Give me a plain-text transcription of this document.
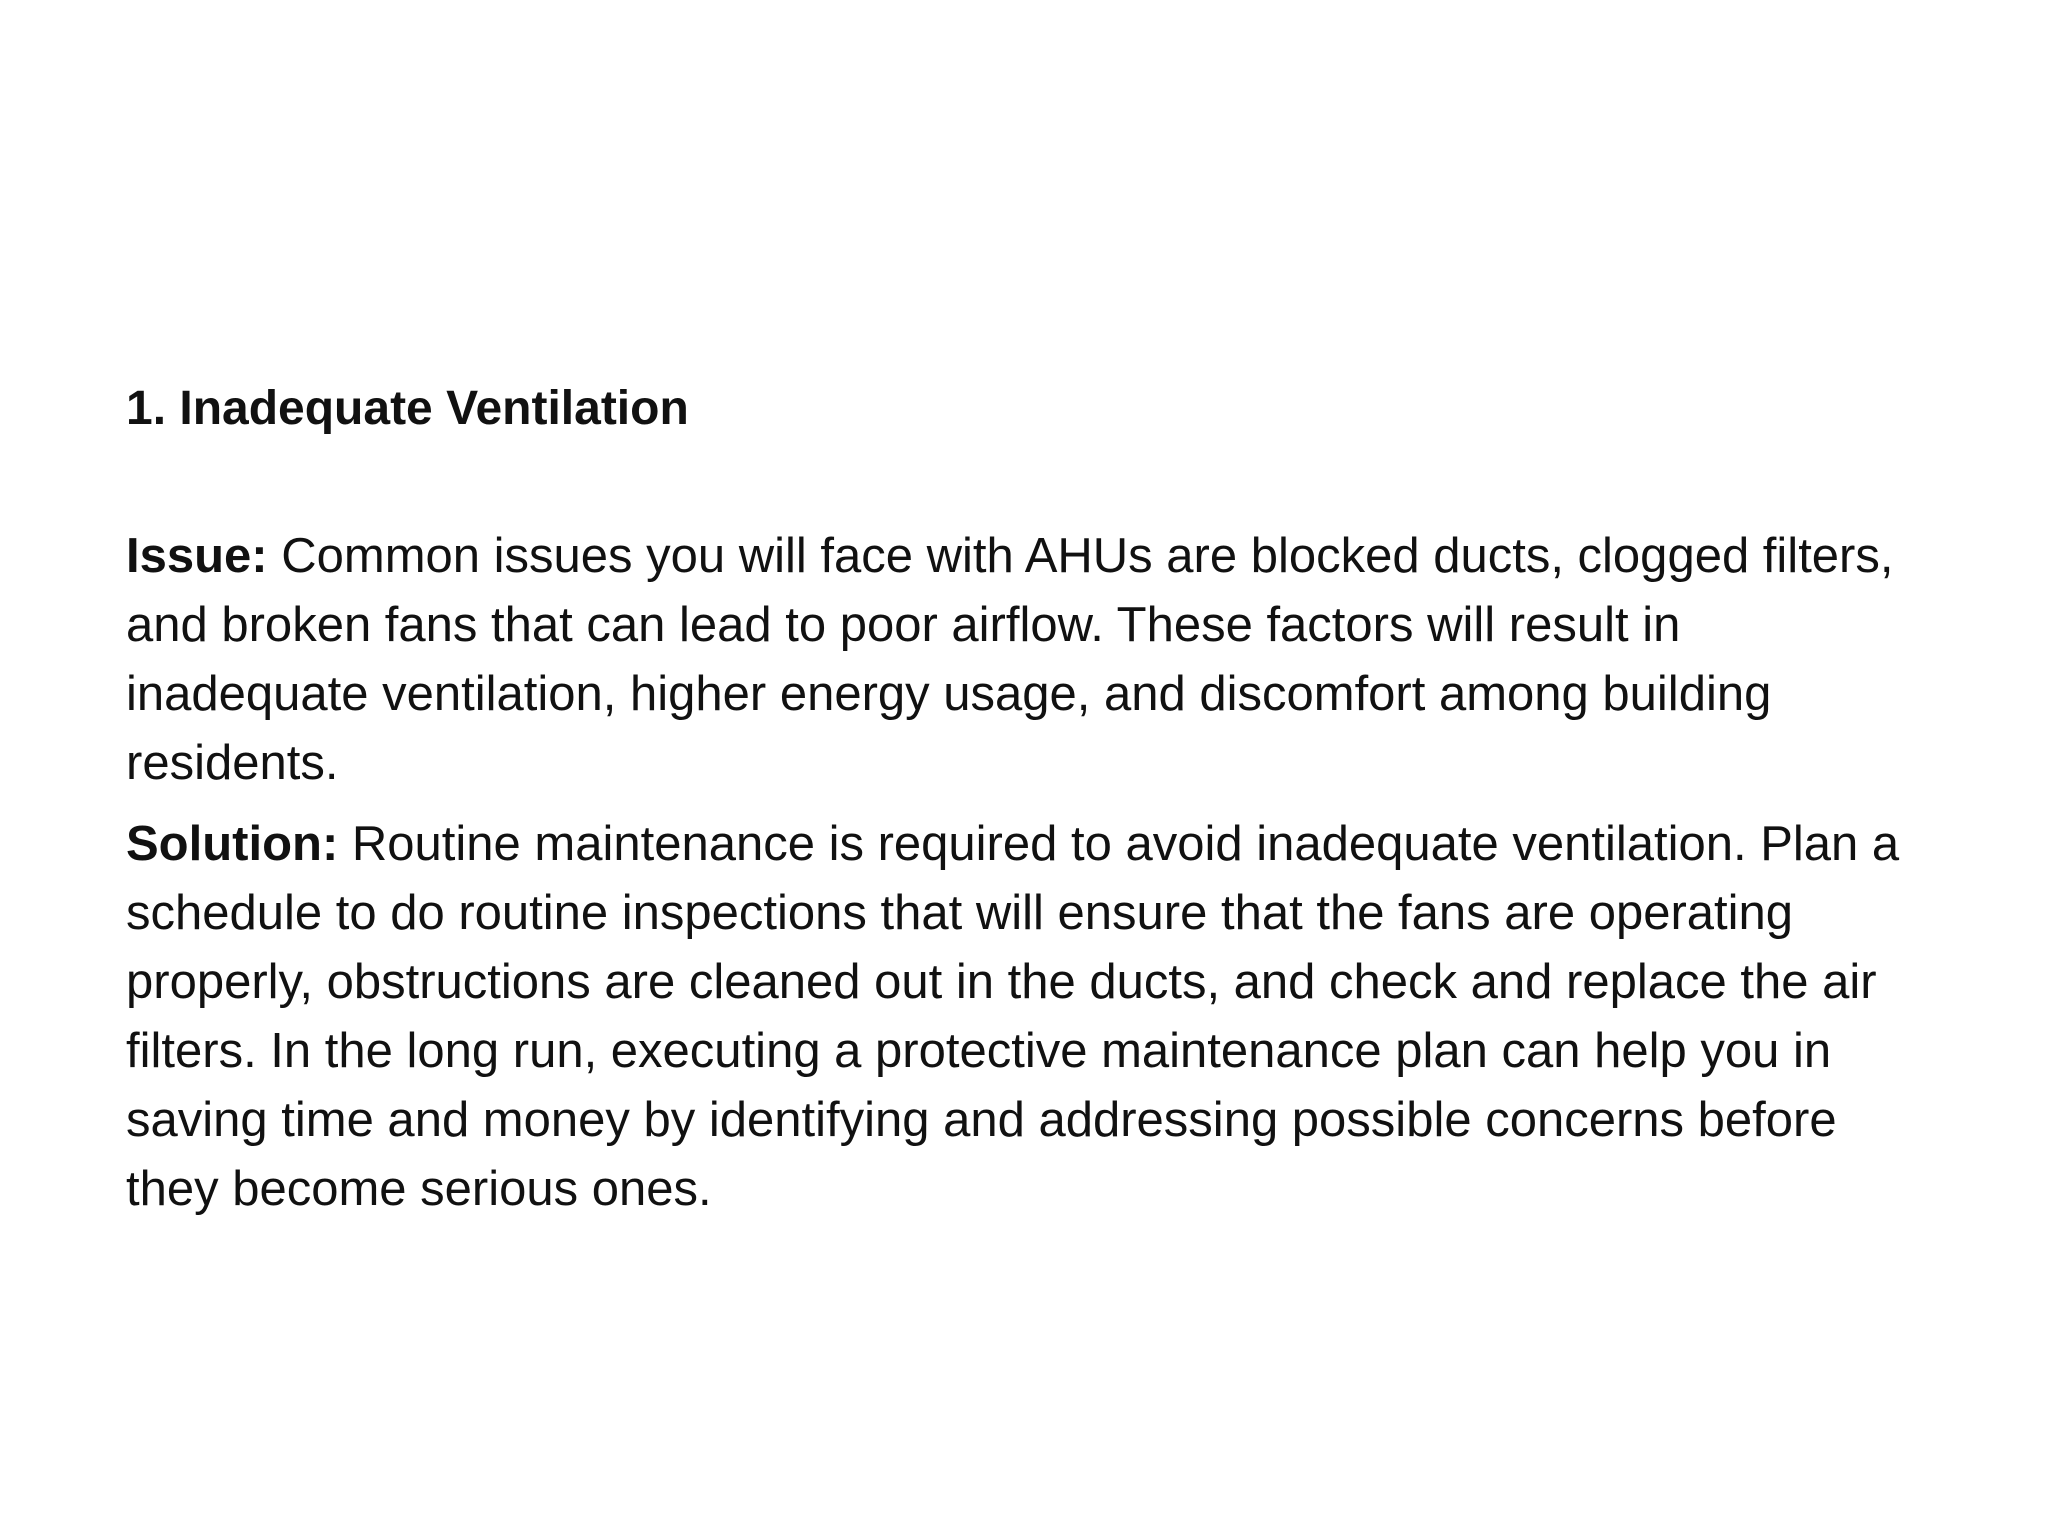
1. Inadequate Ventilation

Issue: Common issues you will face with AHUs are blocked ducts, clogged filters, and broken fans that can lead to poor airflow. These factors will result in inadequate ventilation, higher energy usage, and discomfort among building residents.

Solution: Routine maintenance is required to avoid inadequate ventilation. Plan a schedule to do routine inspections that will ensure that the fans are operating properly, obstructions are cleaned out in the ducts, and check and replace the air filters. In the long run, executing a protective maintenance plan can help you in saving time and money by identifying and addressing possible concerns before they become serious ones.
